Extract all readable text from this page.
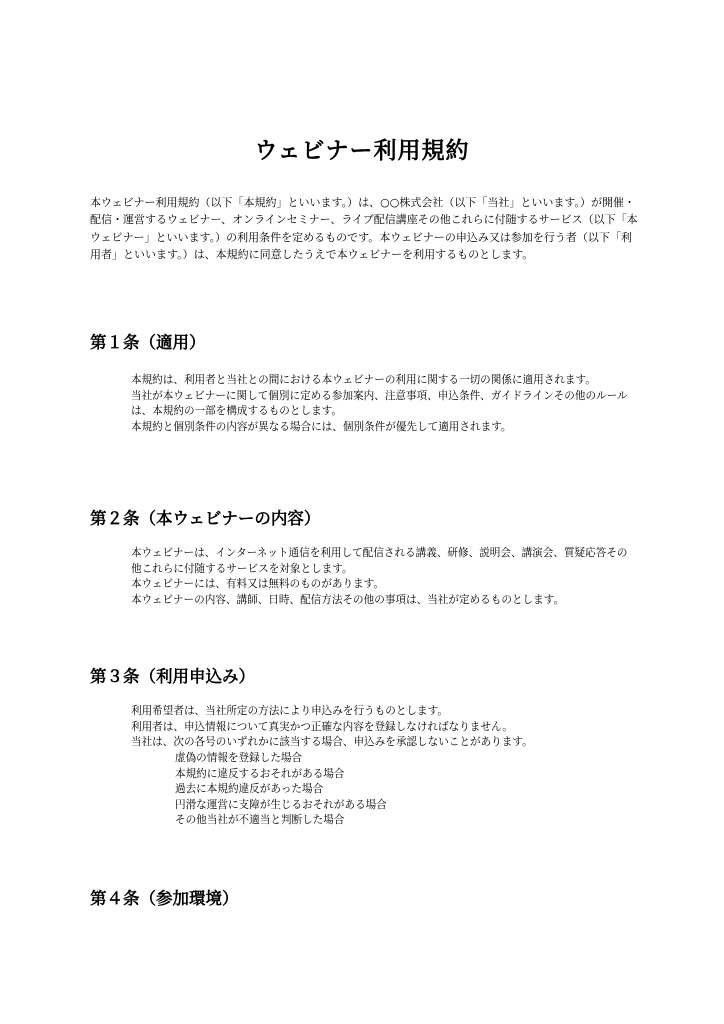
ウェビナー利用規約

本ウェビナー利用規約（以下「本規約」といいます。）は、○○株式会社（以下「当社」といいます。）が開催・配信・運営するウェビナー、オンラインセミナー、ライブ配信講座その他これらに付随するサービス（以下「本ウェビナー」といいます。）の利用条件を定めるものです。本ウェビナーの申込み又は参加を行う者（以下「利用者」といいます。）は、本規約に同意したうえで本ウェビナーを利用するものとします。

第１条（適用）
本規約は、利用者と当社との間における本ウェビナーの利用に関する一切の関係に適用されます。
当社が本ウェビナーに関して個別に定める参加案内、注意事項、申込条件、ガイドラインその他のルールは、本規約の一部を構成するものとします。
本規約と個別条件の内容が異なる場合には、個別条件が優先して適用されます。
第２条（本ウェビナーの内容）
本ウェビナーは、インターネット通信を利用して配信される講義、研修、説明会、講演会、質疑応答その他これらに付随するサービスを対象とします。
本ウェビナーには、有料又は無料のものがあります。
本ウェビナーの内容、講師、日時、配信方法その他の事項は、当社が定めるものとします。
第３条（利用申込み）
利用希望者は、当社所定の方法により申込みを行うものとします。
利用者は、申込情報について真実かつ正確な内容を登録しなければなりません。
当社は、次の各号のいずれかに該当する場合、申込みを承認しないことがあります。
虚偽の情報を登録した場合
本規約に違反するおそれがある場合
過去に本規約違反があった場合
円滑な運営に支障が生じるおそれがある場合
その他当社が不適当と判断した場合
第４条（参加環境）
